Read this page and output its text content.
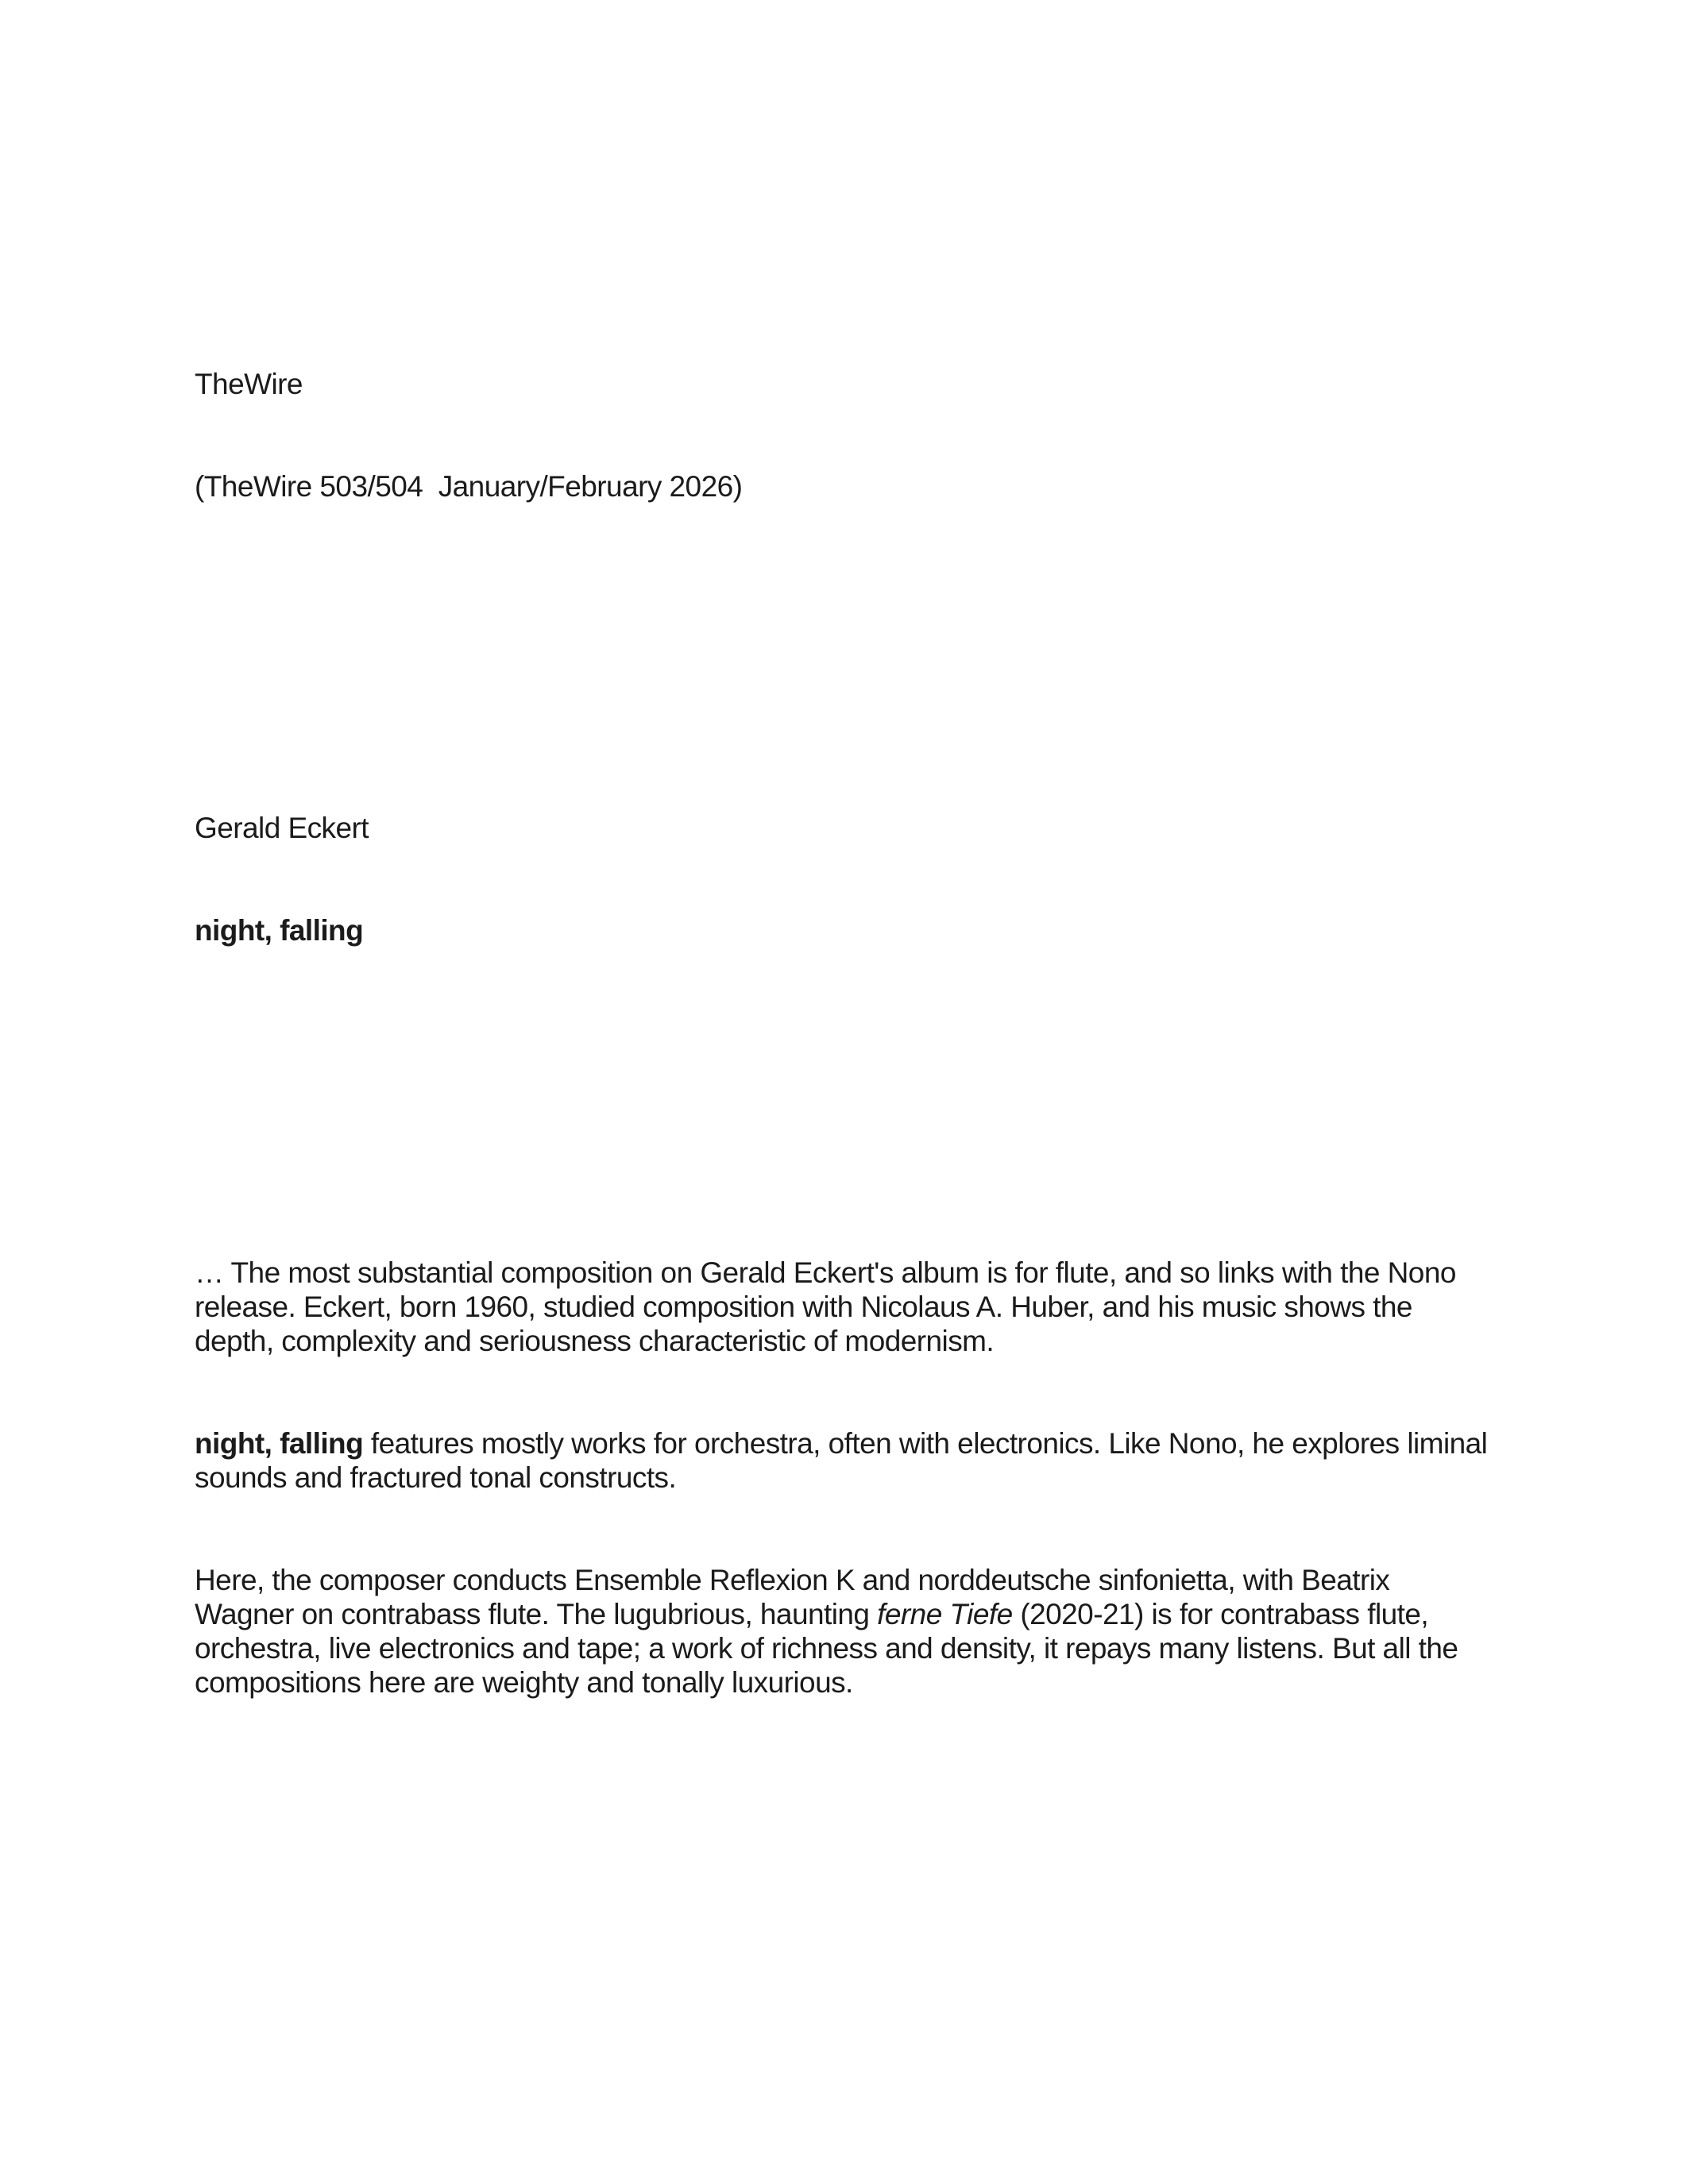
TheWire

(TheWire 503/504  January/February 2026)

Gerald Eckert

night, falling

… The most substantial composition on Gerald Eckert's album is for flute, and so links with the Nono release. Eckert, born 1960, studied composition with Nicolaus A. Huber, and his music shows the depth, complexity and seriousness characteristic of modernism.

night, falling features mostly works for orchestra, often with electronics. Like Nono, he explores liminal sounds and fractured tonal constructs.

Here, the composer conducts Ensemble Reflexion K and norddeutsche sinfonietta, with Beatrix Wagner on contrabass flute. The lugubrious, haunting ferne Tiefe (2020-21) is for contrabass flute, orchestra, live electronics and tape; a work of richness and density, it repays many listens. But all the compositions here are weighty and tonally luxurious.
